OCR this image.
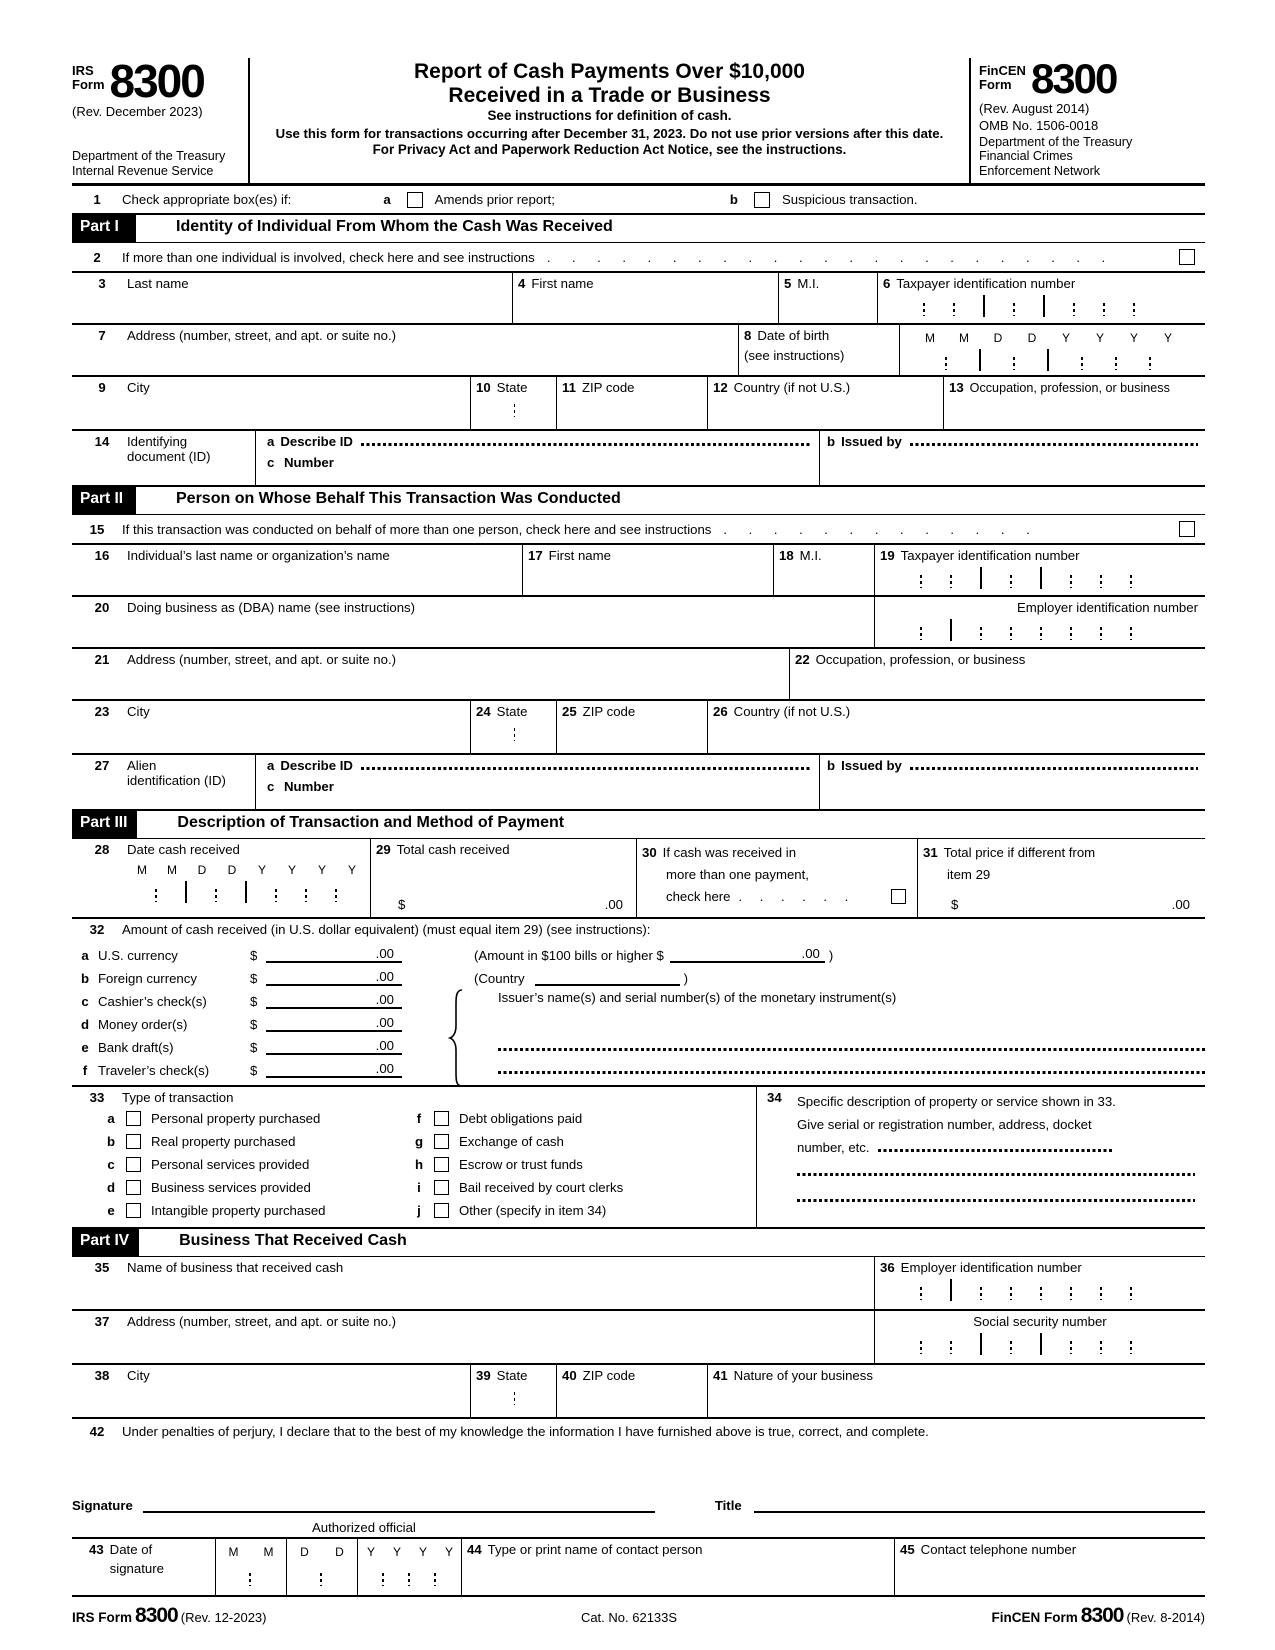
IRS
Form 8300
(Rev. December 2023)
Department of the Treasury
Internal Revenue Service
Report of Cash Payments Over $10,000
Received in a Trade or Business
See instructions for definition of cash.
Use this form for transactions occurring after December 31, 2023. Do not use prior versions after this date.
For Privacy Act and Paperwork Reduction Act Notice, see the instructions.
FinCEN
Form 8300
(Rev. August 2014)
OMB No. 1506-0018
Department of the Treasury
Financial Crimes
Enforcement Network
1	Check appropriate box(es) if:	a	Amends prior report;	b	Suspicious transaction.
Part I	Identity of Individual From Whom the Cash Was Received
2	If more than one individual is involved, check here and see instructions . . . . . . . . . . . . . . . . . . . . . . .
3	Last name	4 First name	5 M.I.	6 Taxpayer identification number
7	Address (number, street, and apt. or suite no.)	8 Date of birth
(see instructions)
M	M	D	D	Y	Y	Y	Y
9	City	10 State	11 ZIP code	12 Country (if not U.S.)	13 Occupation, profession, or business
14	Identifying
document (ID)
a Describe ID
c Number
b Issued by
Part II	Person on Whose Behalf This Transaction Was Conducted
15	If this transaction was conducted on behalf of more than one person, check here and see instructions . . . . . . . . . . . . .
16	Individual’s last name or organization’s name	17 First name	18 M.I.	19 Taxpayer identification number
20	Doing business as (DBA) name (see instructions)	Employer identification number
21	Address (number, street, and apt. or suite no.)	22 Occupation, profession, or business
23	City	24 State	25 ZIP code	26 Country (if not U.S.)
27	Alien
identification (ID)
a Describe ID
c Number
b Issued by
Part III	Description of Transaction and Method of Payment
28	Date cash received
M	M	D	D	Y	Y	Y	Y
29 Total cash received
$	.00
30 If cash was received in
more than one payment,
check here . . . . . .
31 Total price if different from
item 29
$	.00
32	Amount of cash received (in U.S. dollar equivalent) (must equal item 29) (see instructions):
a U.S. currency	$	.00
b Foreign currency	$	.00
c Cashier’s check(s)	$	.00
d Money order(s)	$	.00
e Bank draft(s)	$	.00
f Traveler’s check(s)	$	.00
(Amount in $100 bills or higher $	.00 )
(Country	)
Issuer’s name(s) and serial number(s) of the monetary instrument(s)
33	Type of transaction
a	Personal property purchased	f	Debt obligations paid
b	Real property purchased	g	Exchange of cash
c	Personal services provided	h	Escrow or trust funds
d	Business services provided	i	Bail received by court clerks
e	Intangible property purchased	j	Other (specify in item 34)
34	Specific description of property or service shown in 33.
Give serial or registration number, address, docket
number, etc.
Part IV	Business That Received Cash
35	Name of business that received cash	36 Employer identification number
37	Address (number, street, and apt. or suite no.)	Social security number
38	City	39 State	40 ZIP code	41 Nature of your business
42	Under penalties of perjury, I declare that to the best of my knowledge the information I have furnished above is true, correct, and complete.
Signature	Title
Authorized official
43 Date of
signature
M	M	D	D	Y	Y	Y	Y	44 Type or print name of contact person	45 Contact telephone number
IRS Form 8300 (Rev. 12-2023)	Cat. No. 62133S	FinCEN Form 8300 (Rev. 8-2014)
